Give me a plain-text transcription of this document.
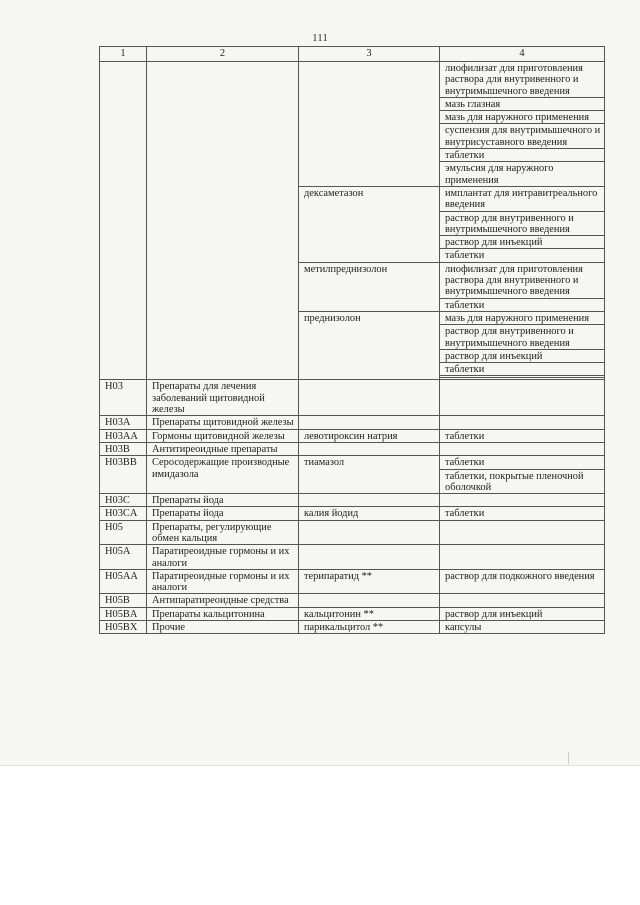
111
1	2	3	4
			лиофилизат для приготовления раствора для внутривенного и внутримышечного введения
			мазь глазная
			мазь для наружного применения
			суспензия для внутримышечного и внутрисуставного введения
			таблетки
			эмульсия для наружного применения
		дексаметазон	имплантат для интравитреального введения
			раствор для внутривенного и внутримышечного введения
			раствор для инъекций
			таблетки
		метилпреднизолон	лиофилизат для приготовления раствора для внутривенного и внутримышечного введения
			таблетки
		преднизолон	мазь для наружного применения
			раствор для внутривенного и внутримышечного введения
			раствор для инъекций
			таблетки

H03	Препараты для лечения заболеваний щитовидной железы		
H03A	Препараты щитовидной железы		
H03AA	Гормоны щитовидной железы	левотироксин натрия	таблетки
H03B	Антитиреоидные препараты		
H03BB	Серосодержащие производные имидазола	тиамазол	таблетки
			таблетки, покрытые пленочной оболочкой
H03C	Препараты йода		
H03CA	Препараты йода	калия йодид	таблетки
H05	Препараты, регулирующие обмен кальция		
H05A	Паратиреоидные гормоны и их аналоги		
H05AA	Паратиреоидные гормоны и их аналоги	терипаратид **	раствор для подкожного введения
H05B	Антипаратиреоидные средства		
H05BA	Препараты кальцитонина	кальцитонин **	раствор для инъекций
H05BX	Прочие	парикальцитол **	капсулы
